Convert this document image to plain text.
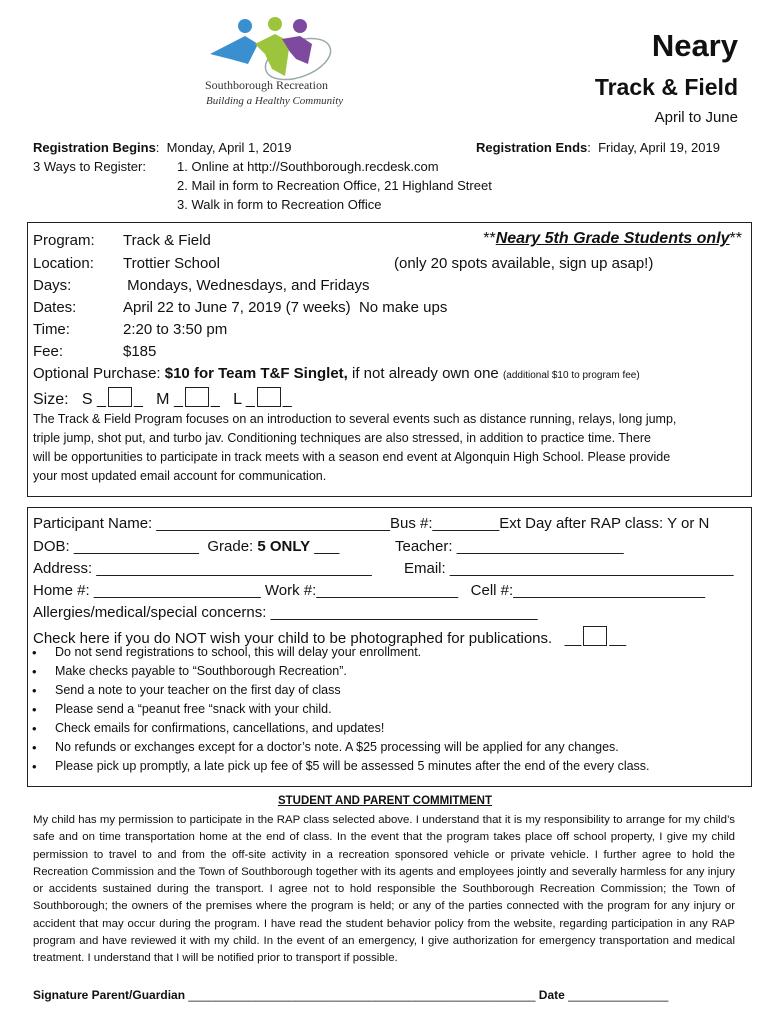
Southborough Recreation
Building a Healthy Community
Neary
Track & Field
April to June
Registration Begins:  Monday, April 1, 2019	Registration Ends:  Friday, April 19, 2019
3 Ways to Register: 1. Online at http://Southborough.recdesk.com
2. Mail in form to Recreation Office, 21 Highland Street
3. Walk in form to Recreation Office
Program: Track & Field
Location: Trottier School
Days:	Mondays, Wednesdays, and Fridays
Dates:	April 22 to June 7, 2019 (7 weeks)  No make ups
Time:	2:20 to 3:50 pm
Fee:	$185
**Neary 5th Grade Students only**
(only 20 spots available, sign up asap!)
Optional Purchase: $10 for Team T&F Singlet, if not already own one (additional $10 to program fee)
Size: S _ _   M _ _   L _ _
The Track & Field Program focuses on an introduction to several events such as distance running, relays, long jump,
triple jump, shot put, and turbo jav. Conditioning techniques are also stressed, in addition to practice time. There
will be opportunities to participate in track meets with a season end event at Algonquin High School. Please provide
your most updated email account for communication.
Participant Name: ____________________________Bus #:________Ext Day after RAP class: Y or N
DOB: _______________ Grade: 5 ONLY ___	Teacher: ____________________
Address: _________________________________ Email: __________________________________
Home #: ____________________ Work #:_________________ Cell #:_______________________
Allergies/medical/special concerns: ________________________________
Check here if you do NOT wish your child to be photographed for publications.   __ __
• Do not send registrations to school, this will delay your enrollment.
• Make checks payable to “Southborough Recreation”.
• Send a note to your teacher on the first day of class
• Please send a “peanut free “snack with your child.
• Check emails for confirmations, cancellations, and updates!
• No refunds or exchanges except for a doctor’s note. A $25 processing will be applied for any changes.
• Please pick up promptly, a late pick up fee of $5 will be assessed 5 minutes after the end of the every class.
STUDENT AND PARENT COMMITMENT
My child has my permission to participate in the RAP class selected above. I understand that it is my responsibility to arrange for my child’s safe and on time transportation home at the end of class. In the event that the program takes place off school property, I give my child permission to travel to and from the off-site activity in a recreation sponsored vehicle or private vehicle. I further agree to hold the Recreation Commission and the Town of Southborough together with its agents and employees jointly and severally harmless for any injury or accidents sustained during the transport. I agree not to hold responsible the Southborough Recreation Commission; the Town of Southborough; the owners of the premises where the program is held; or any of the parties connected with the program for any injury or accident that may occur during the program. I have read the student behavior policy from the website, regarding participation in any RAP program and have reviewed it with my child. In the event of an emergency, I give authorization for emergency transportation and medical treatment. I understand that I will be notified prior to transport if possible.
Signature Parent/Guardian ____________________________________________________ Date _______________
